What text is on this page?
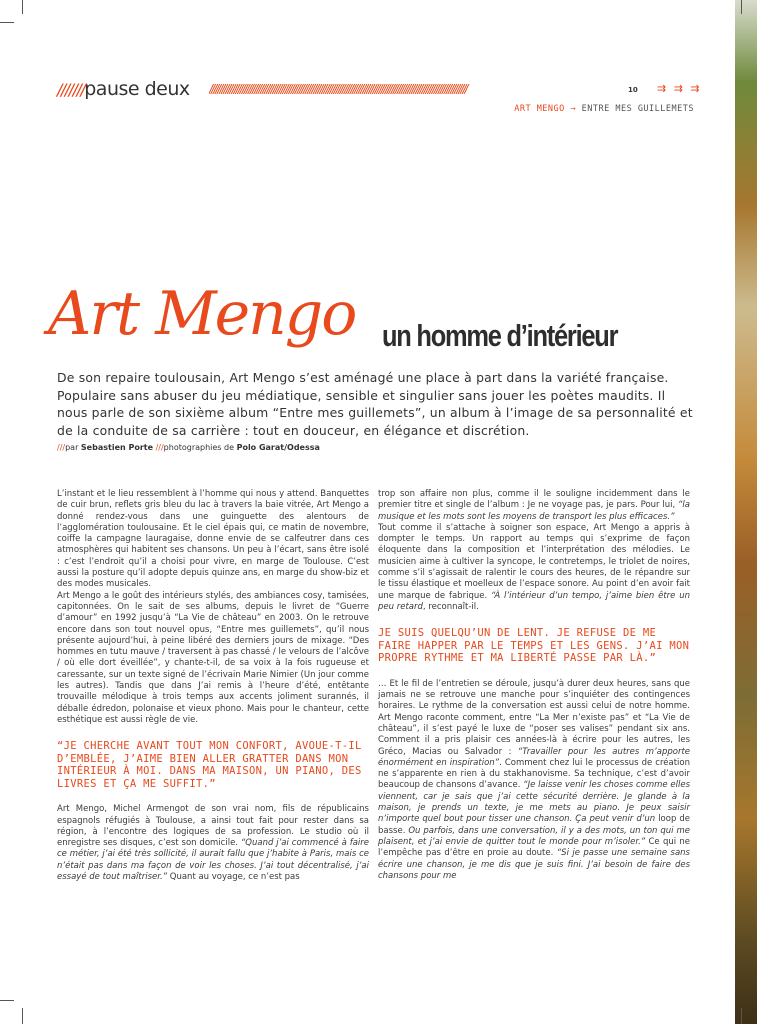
///////pause deux //////////////////////////////////////////////////////////////////////////////////////////////////////////////////////////////	10 ⇉ ⇉ ⇉
ART MENGO → ENTRE MES GUILLEMETS
Art Mengo un homme d’intérieur
De son repaire toulousain, Art Mengo s’est aménagé une place à part dans la variété française. Populaire sans abuser du jeu médiatique, sensible et singulier sans jouer les poètes maudits. Il nous parle de son sixième album “Entre mes guillemets”, un album à l’image de sa personnalité et de la conduite de sa carrière : tout en douceur, en élégance et discrétion.
///par Sebastien Porte ///photographies de Polo Garat/Odessa

L’instant et le lieu ressemblent à l’homme qui nous y attend. Banquettes de cuir brun, reflets gris bleu du lac à travers la baie vitrée, Art Mengo a donné rendez-vous dans une guinguette des alentours de l’agglomération toulousaine. Et le ciel épais qui, ce matin de novembre, coiffe la campagne lauragaise, donne envie de se calfeutrer dans ces atmosphères qui habitent ses chansons. Un peu à l’écart, sans être isolé : c’est l’endroit qu’il a choisi pour vivre, en marge de Toulouse. C’est aussi la posture qu’il adopte depuis quinze ans, en marge du show-biz et des modes musicales.

Art Mengo a le goût des intérieurs stylés, des ambiances cosy, tamisées, capitonnées. On le sait de ses albums, depuis le livret de “Guerre d’amour” en 1992 jusqu’à “La Vie de château” en 2003. On le retrouve encore dans son tout nouvel opus, “Entre mes guillemets”, qu’il nous présente aujourd’hui, à peine libéré des derniers jours de mixage. “Des hommes en tutu mauve / traversent à pas chassé / le velours de l’alcôve / où elle dort éveillée”, y chante-t-il, de sa voix à la fois rugueuse et caressante, sur un texte signé de l’écrivain Marie Nimier (Un jour comme les autres). Tandis que dans J’ai remis à l’heure d’été, entêtante trouvaille mélodique à trois temps aux accents joliment surannés, il déballe édredon, polonaise et vieux phono. Mais pour le chanteur, cette esthétique est aussi règle de vie.

“JE CHERCHE AVANT TOUT MON CONFORT, AVOUE-T-IL D’EMBLÉE, J’AIME BIEN ALLER GRATTER DANS MON INTÉRIEUR À MOI. DANS MA MAISON, UN PIANO, DES LIVRES ET ÇA ME SUFFIT.”

Art Mengo, Michel Armengot de son vrai nom, fils de républicains espagnols réfugiés à Toulouse, a ainsi tout fait pour rester dans sa région, à l’encontre des logiques de sa profession. Le studio où il enregistre ses disques, c’est son domicile. “Quand j’ai commencé à faire ce métier, j’ai été très sollicité, il aurait fallu que j’habite à Paris, mais ce n’était pas dans ma façon de voir les choses. J’ai tout décentralisé, j’ai essayé de tout maîtriser.” Quant au voyage, ce n’est pas

trop son affaire non plus, comme il le souligne incidemment dans le premier titre et single de l’album : Je ne voyage pas, je pars. Pour lui, “la musique et les mots sont les moyens de transport les plus efficaces.”

Tout comme il s’attache à soigner son espace, Art Mengo a appris à dompter le temps. Un rapport au temps qui s’exprime de façon éloquente dans la composition et l’interprétation des mélodies. Le musicien aime à cultiver la syncope, le contretemps, le triolet de noires, comme s’il s’agissait de ralentir le cours des heures, de le répandre sur le tissu élastique et moelleux de l’espace sonore. Au point d’en avoir fait une marque de fabrique. “À l’intérieur d’un tempo, j’aime bien être un peu retard, reconnaît-il.

JE SUIS QUELQU’UN DE LENT. JE REFUSE DE ME FAIRE HAPPER PAR LE TEMPS ET LES GENS. J’AI MON PROPRE RYTHME ET MA LIBERTÉ PASSE PAR LÀ.”

… Et le fil de l’entretien se déroule, jusqu’à durer deux heures, sans que jamais ne se retrouve une manche pour s’inquiéter des contingences horaires. Le rythme de la conversation est aussi celui de notre homme. Art Mengo raconte comment, entre “La Mer n’existe pas” et “La Vie de château”, il s’est payé le luxe de “poser ses valises” pendant six ans. Comment il a pris plaisir ces années-là à écrire pour les autres, les Gréco, Macias ou Salvador : “Travailler pour les autres m’apporte énormément en inspiration”. Comment chez lui le processus de création ne s’apparente en rien à du stakhanovisme. Sa technique, c’est d’avoir beaucoup de chansons d’avance. “Je laisse venir les choses comme elles viennent, car je sais que j’ai cette sécurité derrière. Je glande à la maison, je prends un texte, je me mets au piano. Je peux saisir n’importe quel bout pour tisser une chanson. Ça peut venir d’un loop de basse. Ou parfois, dans une conversation, il y a des mots, un ton qui me plaisent, et j’ai envie de quitter tout le monde pour m’isoler.” Ce qui ne l’empêche pas d’être en proie au doute. “Si je passe une semaine sans écrire une chanson, je me dis que je suis fini. J’ai besoin de faire des chansons pour me
